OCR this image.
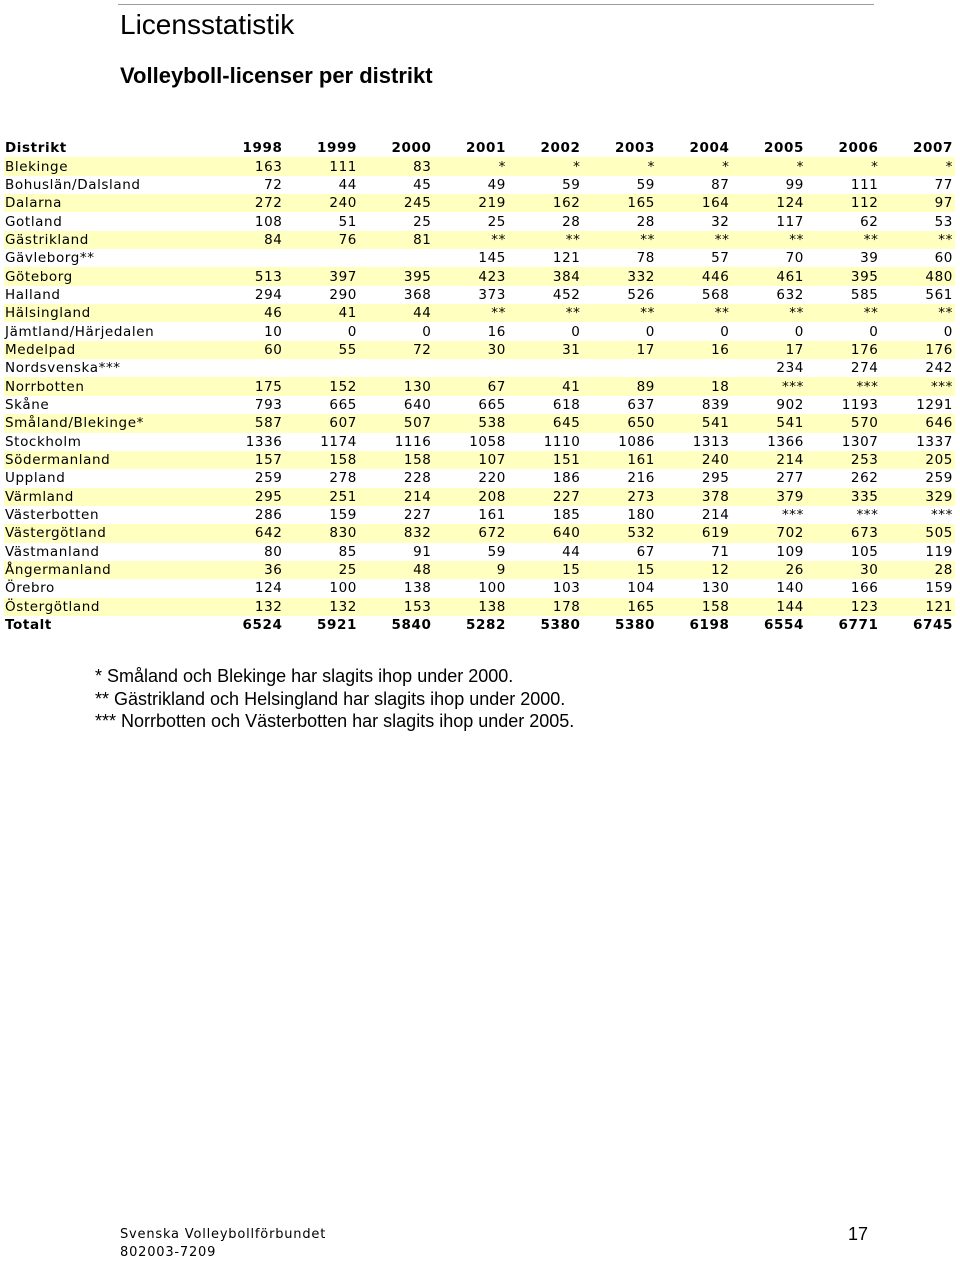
Licensstatistik
Volleyboll-licenser per distrikt
Distrikt	1998	1999	2000	2001	2002	2003	2004	2005	2006	2007
Blekinge	163	111	83	*	*	*	*	*	*	*
Bohuslän/Dalsland	72	44	45	49	59	59	87	99	111	77
Dalarna	272	240	245	219	162	165	164	124	112	97
Gotland	108	51	25	25	28	28	32	117	62	53
Gästrikland	84	76	81	**	**	**	**	**	**	**
Gävleborg**				145	121	78	57	70	39	60
Göteborg	513	397	395	423	384	332	446	461	395	480
Halland	294	290	368	373	452	526	568	632	585	561
Hälsingland	46	41	44	**	**	**	**	**	**	**
Jämtland/Härjedalen	10	0	0	16	0	0	0	0	0	0
Medelpad	60	55	72	30	31	17	16	17	176	176
Nordsvenska***								234	274	242
Norrbotten	175	152	130	67	41	89	18	***	***	***
Skåne	793	665	640	665	618	637	839	902	1193	1291
Småland/Blekinge*	587	607	507	538	645	650	541	541	570	646
Stockholm	1336	1174	1116	1058	1110	1086	1313	1366	1307	1337
Södermanland	157	158	158	107	151	161	240	214	253	205
Uppland	259	278	228	220	186	216	295	277	262	259
Värmland	295	251	214	208	227	273	378	379	335	329
Västerbotten	286	159	227	161	185	180	214	***	***	***
Västergötland	642	830	832	672	640	532	619	702	673	505
Västmanland	80	85	91	59	44	67	71	109	105	119
Ångermanland	36	25	48	9	15	15	12	26	30	28
Örebro	124	100	138	100	103	104	130	140	166	159
Östergötland	132	132	153	138	178	165	158	144	123	121
Totalt	6524	5921	5840	5282	5380	5380	6198	6554	6771	6745
* Småland och Blekinge har slagits ihop under 2000.
** Gästrikland och Helsingland har slagits ihop under 2000.
*** Norrbotten och Västerbotten har slagits ihop under 2005.
Svenska Volleybollförbundet
802003-7209
17
